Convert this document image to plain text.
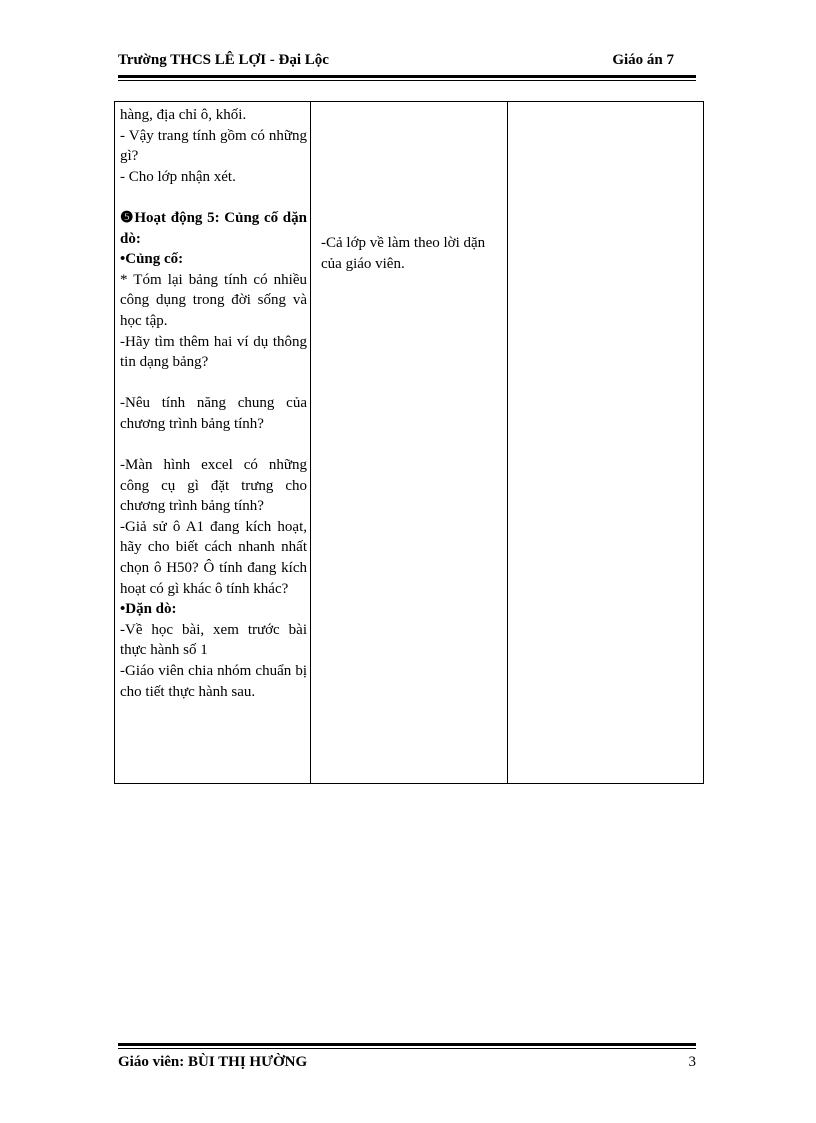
Trường THCS LÊ LỢI - Đại Lộc	Giáo án 7

hàng, địa chỉ ô, khối.

- Vậy trang tính gồm có những gì?

- Cho lớp nhận xét.

❺Hoạt động 5: Củng cố dặn dò:

•Củng cố:

* Tóm lại bảng tính có nhiều công dụng trong đời sống và học tập.

-Hãy tìm thêm hai ví dụ thông tin dạng bảng?

-Nêu tính năng chung của chương trình bảng tính?

-Màn hình excel có những công cụ gì đặt trưng cho chương trình bảng tính?

-Giả sử ô A1 đang kích hoạt, hãy cho biết cách nhanh nhất chọn ô H50? Ô tính đang kích hoạt có gì khác ô tính khác?

•Dặn dò:

-Về học bài, xem trước bài thực hành số 1

-Giáo viên chia nhóm chuẩn bị cho tiết thực hành sau.

-Cả lớp về làm theo lời dặn của giáo viên.

Giáo viên: BÙI THỊ HƯỜNG	3
